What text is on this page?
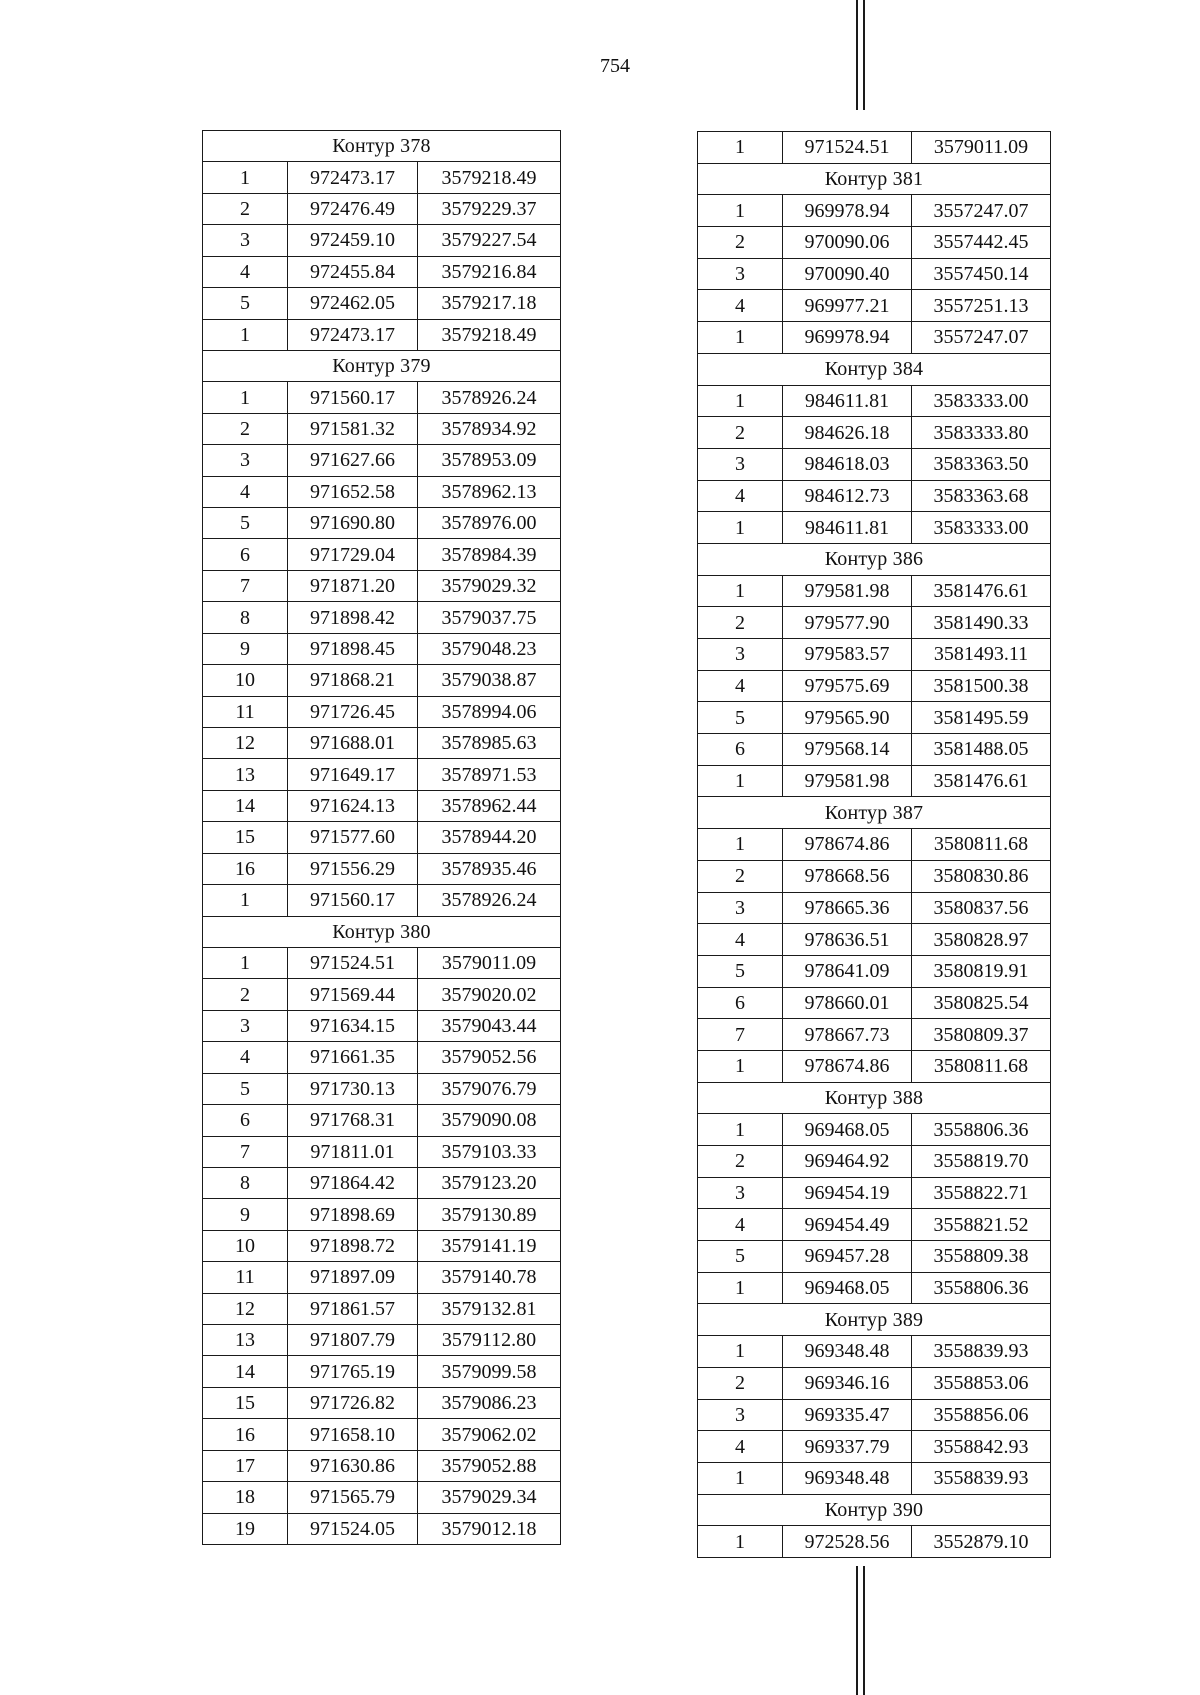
754
Контур 378		
1	972473.17	3579218.49
2	972476.49	3579229.37
3	972459.10	3579227.54
4	972455.84	3579216.84
5	972462.05	3579217.18
1	972473.17	3579218.49
Контур 379		
1	971560.17	3578926.24
2	971581.32	3578934.92
3	971627.66	3578953.09
4	971652.58	3578962.13
5	971690.80	3578976.00
6	971729.04	3578984.39
7	971871.20	3579029.32
8	971898.42	3579037.75
9	971898.45	3579048.23
10	971868.21	3579038.87
11	971726.45	3578994.06
12	971688.01	3578985.63
13	971649.17	3578971.53
14	971624.13	3578962.44
15	971577.60	3578944.20
16	971556.29	3578935.46
1	971560.17	3578926.24
Контур 380		
1	971524.51	3579011.09
2	971569.44	3579020.02
3	971634.15	3579043.44
4	971661.35	3579052.56
5	971730.13	3579076.79
6	971768.31	3579090.08
7	971811.01	3579103.33
8	971864.42	3579123.20
9	971898.69	3579130.89
10	971898.72	3579141.19
11	971897.09	3579140.78
12	971861.57	3579132.81
13	971807.79	3579112.80
14	971765.19	3579099.58
15	971726.82	3579086.23
16	971658.10	3579062.02
17	971630.86	3579052.88
18	971565.79	3579029.34
19	971524.05	3579012.18
1	971524.51	3579011.09
Контур 381		
1	969978.94	3557247.07
2	970090.06	3557442.45
3	970090.40	3557450.14
4	969977.21	3557251.13
1	969978.94	3557247.07
Контур 384		
1	984611.81	3583333.00
2	984626.18	3583333.80
3	984618.03	3583363.50
4	984612.73	3583363.68
1	984611.81	3583333.00
Контур 386		
1	979581.98	3581476.61
2	979577.90	3581490.33
3	979583.57	3581493.11
4	979575.69	3581500.38
5	979565.90	3581495.59
6	979568.14	3581488.05
1	979581.98	3581476.61
Контур 387		
1	978674.86	3580811.68
2	978668.56	3580830.86
3	978665.36	3580837.56
4	978636.51	3580828.97
5	978641.09	3580819.91
6	978660.01	3580825.54
7	978667.73	3580809.37
1	978674.86	3580811.68
Контур 388		
1	969468.05	3558806.36
2	969464.92	3558819.70
3	969454.19	3558822.71
4	969454.49	3558821.52
5	969457.28	3558809.38
1	969468.05	3558806.36
Контур 389		
1	969348.48	3558839.93
2	969346.16	3558853.06
3	969335.47	3558856.06
4	969337.79	3558842.93
1	969348.48	3558839.93
Контур 390		
1	972528.56	3552879.10
